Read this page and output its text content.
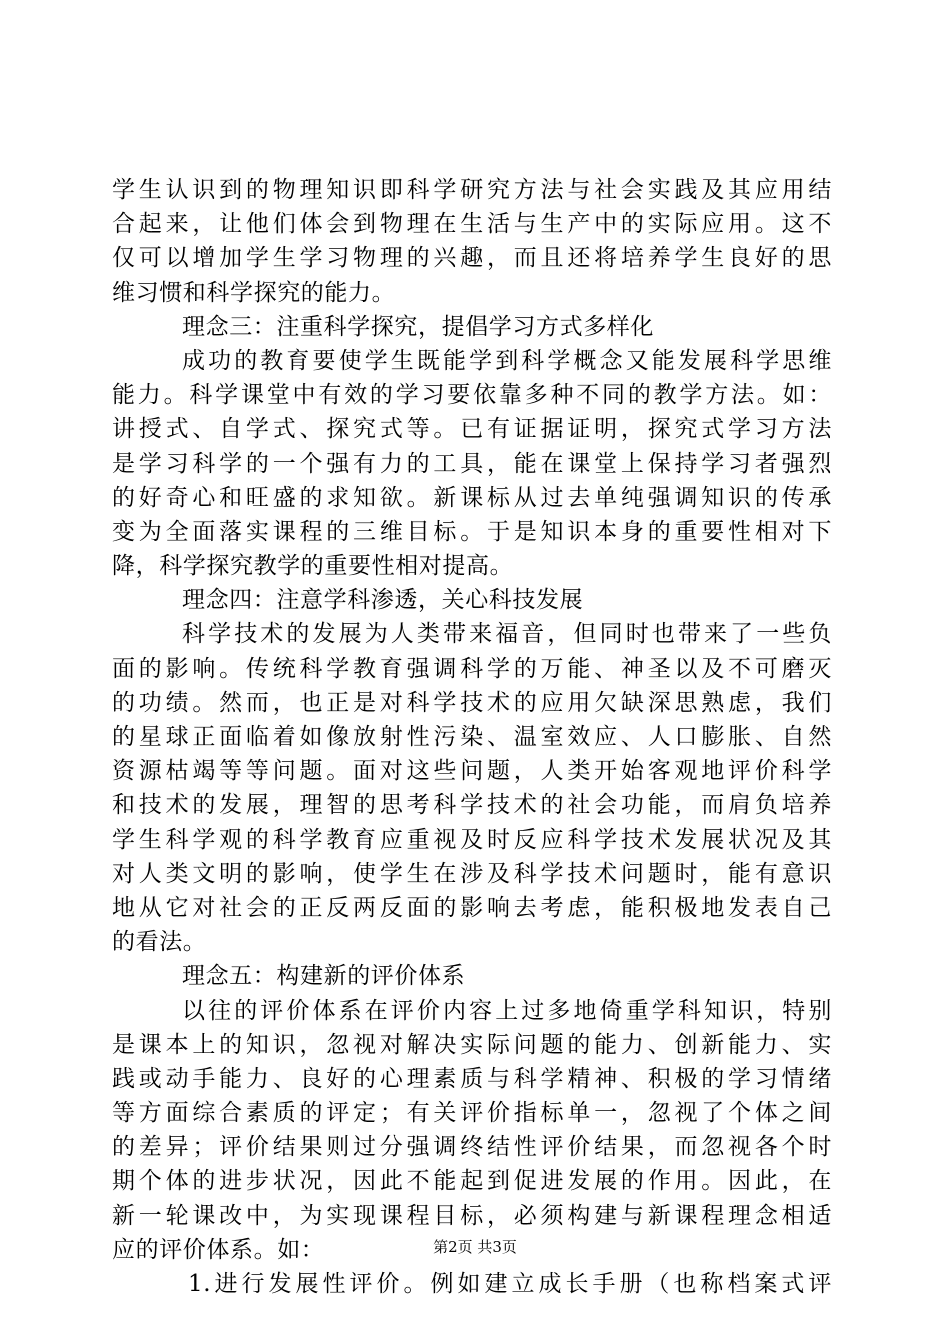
学生认识到的物理知识即科学研究方法与社会实践及其应用结
合起来，让他们体会到物理在生活与生产中的实际应用。这不
仅可以增加学生学习物理的兴趣，而且还将培养学生良好的思
维习惯和科学探究的能力。
理念三：注重科学探究，提倡学习方式多样化
成功的教育要使学生既能学到科学概念又能发展科学思维
能力。科学课堂中有效的学习要依靠多种不同的教学方法。如：
讲授式、自学式、探究式等。已有证据证明，探究式学习方法
是学习科学的一个强有力的工具，能在课堂上保持学习者强烈
的好奇心和旺盛的求知欲。新课标从过去单纯强调知识的传承
变为全面落实课程的三维目标。于是知识本身的重要性相对下
降，科学探究教学的重要性相对提高。
理念四：注意学科渗透，关心科技发展
科学技术的发展为人类带来福音，但同时也带来了一些负
面的影响。传统科学教育强调科学的万能、神圣以及不可磨灭
的功绩。然而，也正是对科学技术的应用欠缺深思熟虑，我们
的星球正面临着如像放射性污染、温室效应、人口膨胀、自然
资源枯竭等等问题。面对这些问题，人类开始客观地评价科学
和技术的发展，理智的思考科学技术的社会功能，而肩负培养
学生科学观的科学教育应重视及时反应科学技术发展状况及其
对人类文明的影响，使学生在涉及科学技术问题时，能有意识
地从它对社会的正反两反面的影响去考虑，能积极地发表自己
的看法。
理念五：构建新的评价体系
以往的评价体系在评价内容上过多地倚重学科知识，特别
是课本上的知识，忽视对解决实际问题的能力、创新能力、实
践或动手能力、良好的心理素质与科学精神、积极的学习情绪
等方面综合素质的评定；有关评价指标单一，忽视了个体之间
的差异；评价结果则过分强调终结性评价结果，而忽视各个时
期个体的进步状况，因此不能起到促进发展的作用。因此，在
新一轮课改中，为实现课程目标，必须构建与新课程理念相适
应的评价体系。如：
1.进行发展性评价。例如建立成长手册（也称档案式评
第2页 共3页
